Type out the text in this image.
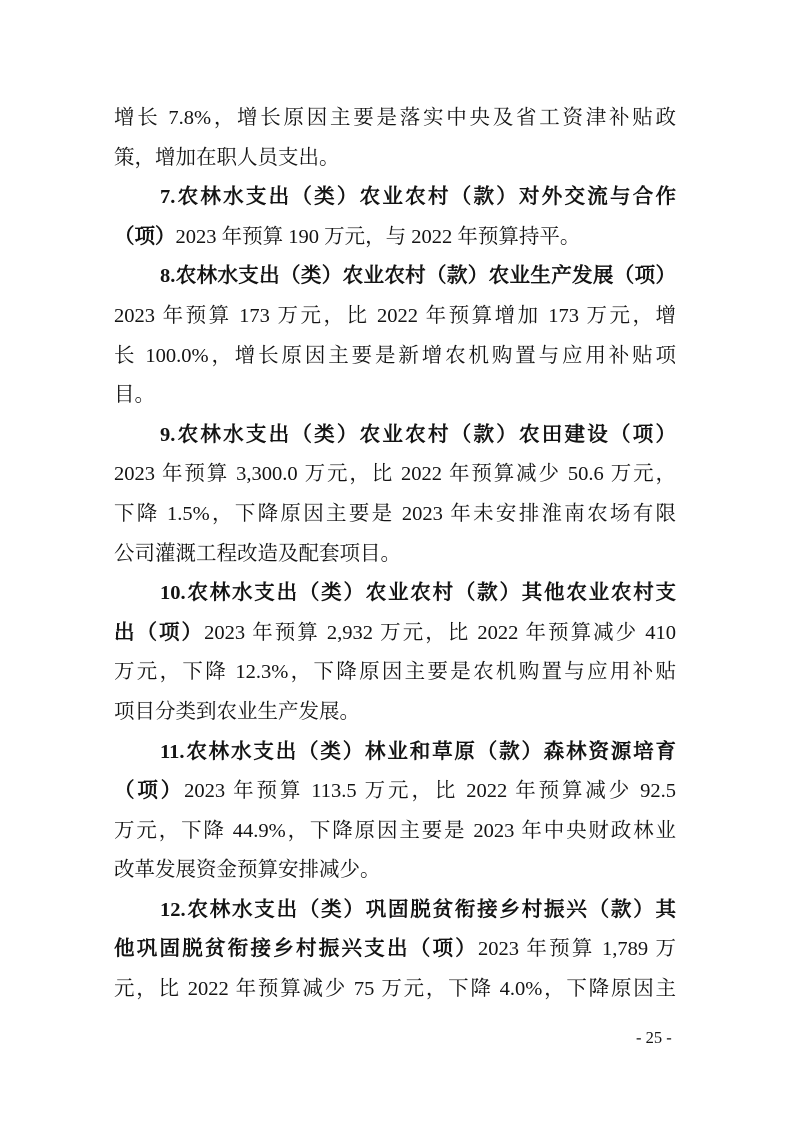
增长 7.8%，增长原因主要是落实中央及省工资津补贴政
策，增加在职人员支出。
7.农林水支出（类）农业农村（款）对外交流与合作
（项）2023 年预算 190 万元，与 2022 年预算持平。
8.农林水支出（类）农业农村（款）农业生产发展（项）
2023 年预算 173 万元，比 2022 年预算增加 173 万元，增
长 100.0%，增长原因主要是新增农机购置与应用补贴项
目。
9.农林水支出（类）农业农村（款）农田建设（项）
2023 年预算 3,300.0 万元，比 2022 年预算减少 50.6 万元，
下降 1.5%，下降原因主要是 2023 年未安排淮南农场有限
公司灌溉工程改造及配套项目。
10.农林水支出（类）农业农村（款）其他农业农村支
出（项）2023 年预算 2,932 万元，比 2022 年预算减少 410
万元，下降 12.3%，下降原因主要是农机购置与应用补贴
项目分类到农业生产发展。
11.农林水支出（类）林业和草原（款）森林资源培育
（项）2023 年预算 113.5 万元，比 2022 年预算减少 92.5
万元，下降 44.9%，下降原因主要是 2023 年中央财政林业
改革发展资金预算安排减少。
12.农林水支出（类）巩固脱贫衔接乡村振兴（款）其
他巩固脱贫衔接乡村振兴支出（项）2023 年预算 1,789 万
元，比 2022 年预算减少 75 万元，下降 4.0%，下降原因主
- 25 -
